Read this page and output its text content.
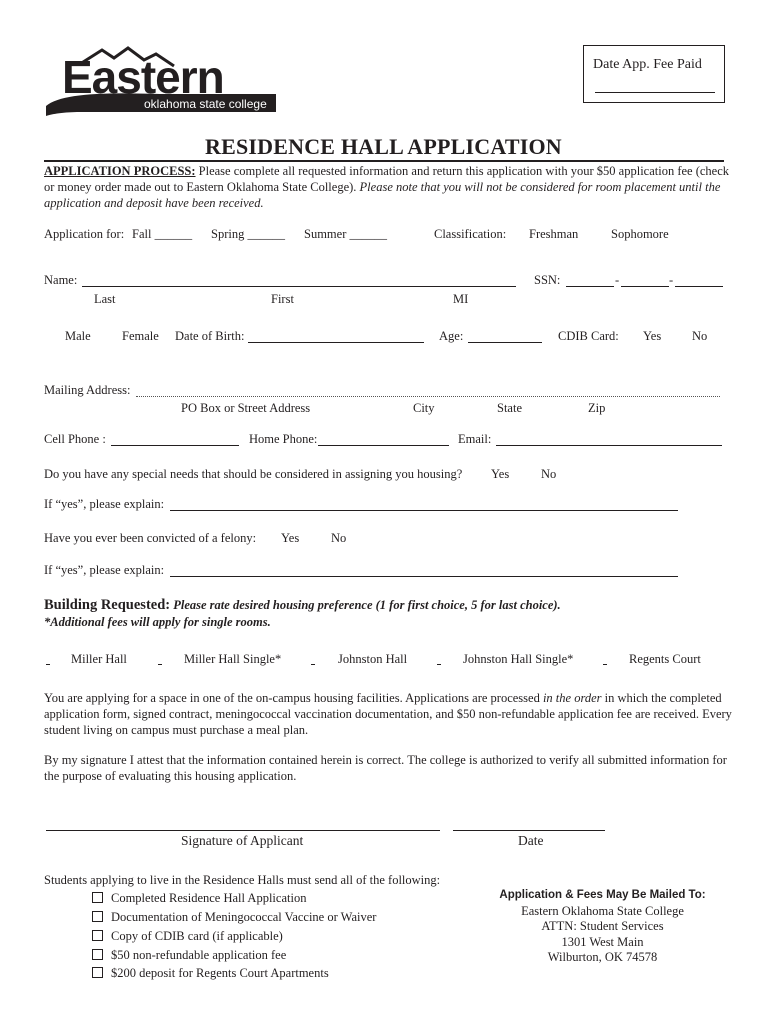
Eastern
oklahoma state college
Date App. Fee Paid
RESIDENCE HALL APPLICATION
APPLICATION PROCESS: Please complete all requested information and return this application with your $50 application fee (check or money order made out to Eastern Oklahoma State College). Please note that you will not be considered for room placement until the application and deposit have been received.
Application for: Fall ______ Spring ______ Summer ______	Classification: Freshman	Sophomore
Name:	SSN:	-	-
Last	First	MI
Male	Female Date of Birth:	Age:	CDIB Card: Yes No
Mailing Address:
PO Box or Street Address	City	State	Zip
Cell Phone :	Home Phone:	Email:
Do you have any special needs that should be considered in assigning you housing? Yes	No
If “yes”, please explain:
Have you ever been convicted of a felony: Yes	No
If “yes”, please explain:
Building Requested: Please rate desired housing preference (1 for first choice, 5 for last choice).
*Additional fees will apply for single rooms.
Miller Hall	Miller Hall Single*	Johnston Hall	Johnston Hall Single*	Regents Court
You are applying for a space in one of the on-campus housing facilities. Applications are processed in the order in which the completed application form, signed contract, meningococcal vaccination documentation, and $50 non-refundable application fee are received. Every student living on campus must purchase a meal plan.
By my signature I attest that the information contained herein is correct. The college is authorized to verify all submitted information for the purpose of evaluating this housing application.
Signature of Applicant	Date
Students applying to live in the Residence Halls must send all of the following:
Completed Residence Hall Application
Documentation of Meningococcal Vaccine or Waiver
Copy of CDIB card (if applicable)
$50 non-refundable application fee
$200 deposit for Regents Court Apartments
Application & Fees May Be Mailed To:
Eastern Oklahoma State College
ATTN: Student Services
1301 West Main
Wilburton, OK 74578
